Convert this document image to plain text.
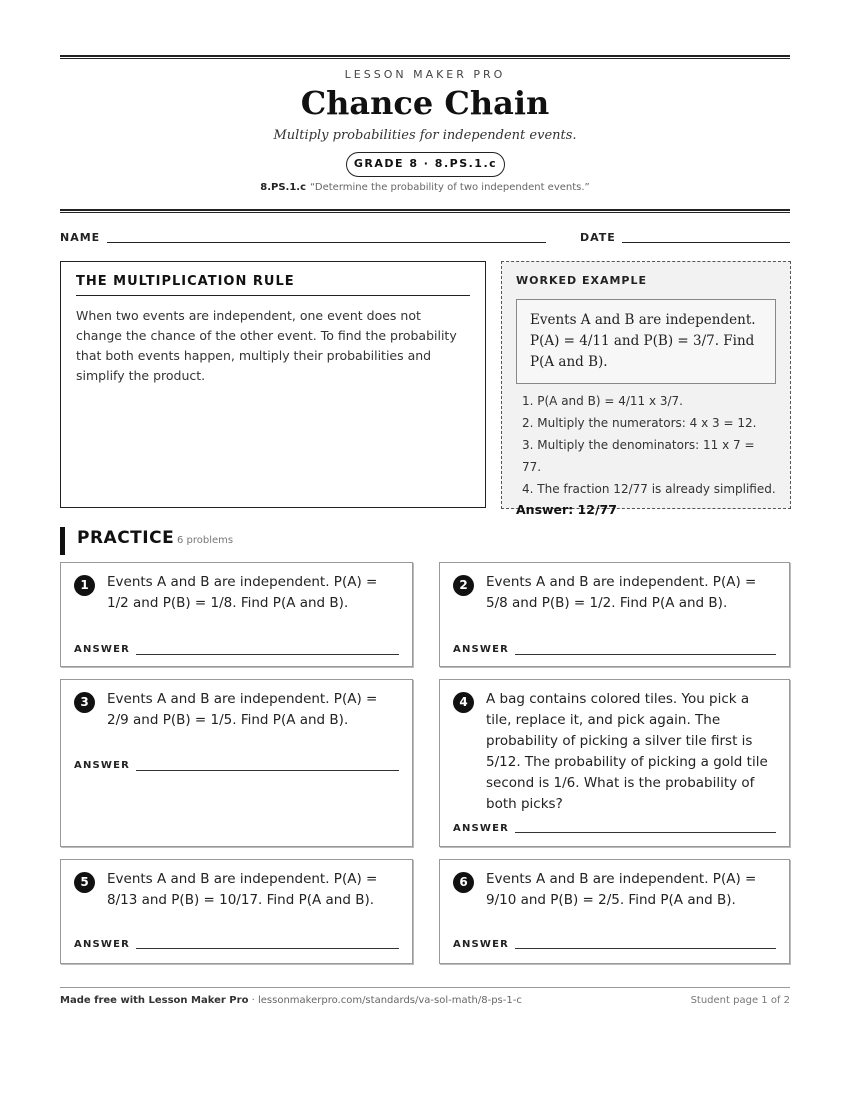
LESSON MAKER PRO
Chance Chain
Multiply probabilities for independent events.
GRADE 8 · 8.PS.1.c
8.PS.1.c “Determine the probability of two independent events.”
NAME	DATE
THE MULTIPLICATION RULE

When two events are independent, one event does not change the chance of the other event. To find the probability that both events happen, multiply their probabilities and simplify the product.

WORKED EXAMPLE
Events A and B are independent. P(A) = 4/11 and P(B) = 3/7. Find P(A and B).
1. P(A and B) = 4/11 x 3/7.
2. Multiply the numerators: 4 x 3 = 12.
3. Multiply the denominators: 11 x 7 = 77.
4. The fraction 12/77 is already simplified.
Answer: 12/77
PRACTICE 6 problems
1	Events A and B are independent. P(A) = 1/2 and P(B) = 1/8. Find P(A and B).
ANSWER
2	Events A and B are independent. P(A) = 5/8 and P(B) = 1/2. Find P(A and B).
ANSWER
3	Events A and B are independent. P(A) = 2/9 and P(B) = 1/5. Find P(A and B).
ANSWER
4	A bag contains colored tiles. You pick a tile, replace it, and pick again. The probability of picking a silver tile first is 5/12. The probability of picking a gold tile second is 1/6. What is the probability of both picks?
ANSWER
5	Events A and B are independent. P(A) = 8/13 and P(B) = 10/17. Find P(A and B).
ANSWER
6	Events A and B are independent. P(A) = 9/10 and P(B) = 2/5. Find P(A and B).
ANSWER
Made free with Lesson Maker Pro · lessonmakerpro.com/standards/va-sol-math/8-ps-1-c	Student page 1 of 2
